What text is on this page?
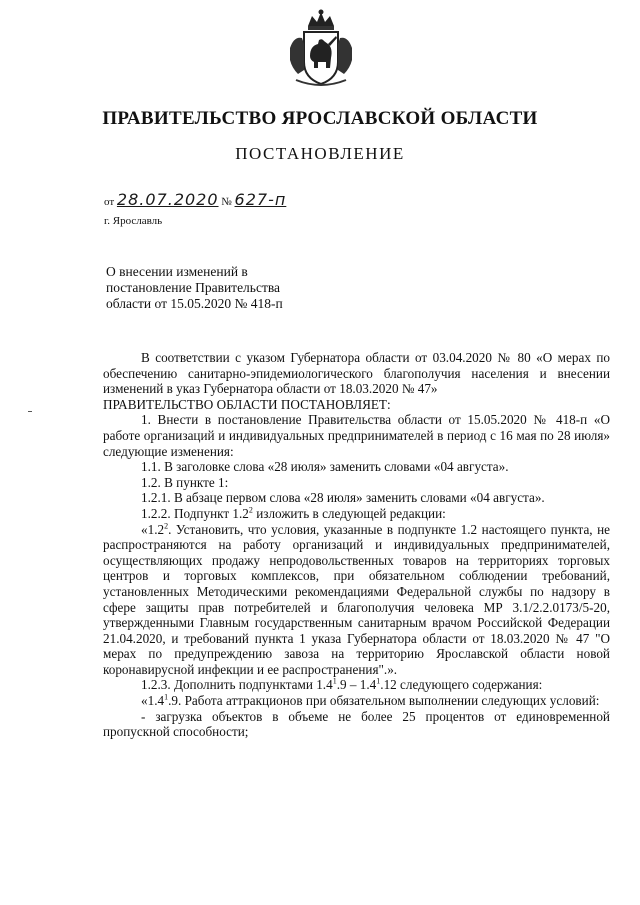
ПРАВИТЕЛЬСТВО ЯРОСЛАВСКОЙ ОБЛАСТИ
ПОСТАНОВЛЕНИЕ
от 28.07.2020 № 627-п
г. Ярославль
О внесении изменений в
постановление Правительства
области от 15.05.2020 № 418-п

В соответствии с указом Губернатора области от 03.04.2020 № 80 «О мерах по обеспечению санитарно-эпидемиологического благополучия населения и внесении изменений в указ Губернатора области от 18.03.2020 № 47»

ПРАВИТЕЛЬСТВО ОБЛАСТИ ПОСТАНОВЛЯЕТ:

1. Внести в постановление Правительства области от 15.05.2020 № 418-п «О работе организаций и индивидуальных предпринимателей в период с 16 мая по 28 июля» следующие изменения:

1.1. В заголовке слова «28 июля» заменить словами «04 августа».

1.2. В пункте 1:

1.2.1. В абзаце первом слова «28 июля» заменить словами «04 августа».

1.2.2. Подпункт $1.2^2$ изложить в следующей редакции:

«$1.2^2$. Установить, что условия, указанные в подпункте 1.2 настоящего пункта, не распространяются на работу организаций и индивидуальных предпринимателей, осуществляющих продажу непродовольственных товаров на территориях торговых центров и торговых комплексов, при обязательном соблюдении требований, установленных Методическими рекомендациями Федеральной службы по надзору в сфере защиты прав потребителей и благополучия человека МР 3.1/2.2.0173/5-20, утвержденными Главным государственным санитарным врачом Российской Федерации 21.04.2020, и требований пункта 1 указа Губернатора области от 18.03.2020 № 47 "О мерах по предупреждению завоза на территорию Ярославской области новой коронавирусной инфекции и ее распространения".».

1.2.3. Дополнить подпунктами $1.4^1.9 - 1.4^1.12$ следующего содержания:

«$1.4^1.9$. Работа аттракционов при обязательном выполнении следующих условий:

- загрузка объектов в объеме не более 25 процентов от единовременной пропускной способности;
